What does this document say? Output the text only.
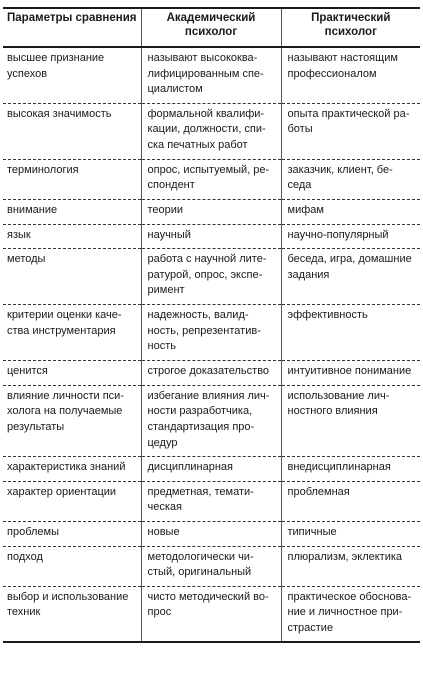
Параметры сравнения	Академический психолог	Практический психолог
высшее признание успехов	называют высококва-лифицированным спе-циалистом	называют настоящим профессионалом
высокая значимость	формальной квалифи-кации, должности, спи-ска печатных работ	опыта практической ра-боты
терминология	опрос, испытуемый, ре-спондент	заказчик, клиент, бе-седа
внимание	теории	мифам
язык	научный	научно-популярный
методы	работа с научной лите-ратурой, опрос, экспе-римент	беседа, игра, домашние задания
критерии оценки каче-ства инструментария	надежность, валид-ность, репрезентатив-ность	эффективность
ценится	строгое доказательство	интуитивное понимание
влияние личности пси-холога на получаемые результаты	избегание влияния лич-ности разработчика, стандартизация про-цедур	использование лич-ностного влияния
характеристика знаний	дисциплинарная	внедисциплинарная
характер ориентации	предметная, темати-ческая	проблемная
проблемы	новые	типичные
подход	методологически чи-стый, оригинальный	плюрализм, эклектика
выбор и использование техник	чисто методический во-прос	практическое обоснова-ние и личностное при-страстие
